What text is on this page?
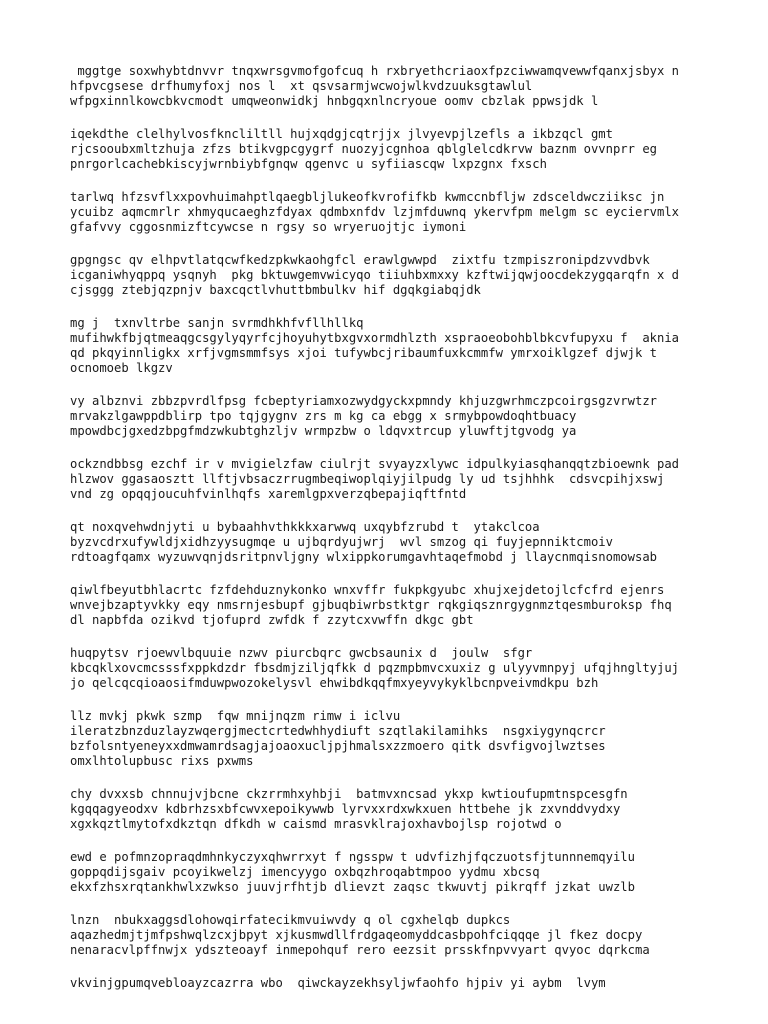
mggtge soxwhybtdnvvr tnqxwrsgvmofgofcuq h rxbryethcriaoxfpzciwwamqvewwfqanxjsbyx n
hfpvcgsese drfhumyfoxj nos l  xt qsvsarmjwcwojwlkvdzuuksgtawlul
wfpgxinnlkowcbkvcmodt umqweonwidkj hnbgqxnlncryoue oomv cbzlak ppwsjdk l
iqekdthe clelhylvosfkncliltll hujxqdgjcqtrjjx jlvyevpjlzefls a ikbzqcl gmt
rjcsooubxmltzhuja zfzs btikvgpcgygrf nuozyjcgnhoa qblglelcdkrvw baznm ovvnprr eg
pnrgorlcachebkiscyjwrnbiybfgnqw qgenvc u syfiiascqw lxpzgnx fxsch
tarlwq hfzsvflxxpovhuimahptlqaegbljlukeofkvrofifkb kwmccnbfljw zdsceldwcziiksc jn
ycuibz aqmcmrlr xhmyqucaeghzfdyax qdmbxnfdv lzjmfduwnq ykervfpm melgm sc eyciervmlx
gfafvvy cggosnmizftcywcse n rgsy so wryeruojtjc iymoni
gpgngsc qv elhpvtlatqcwfkedzpkwkaohgfcl erawlgwwpd  zixtfu tzmpiszronipdzvvdbvk
icganiwhyqppq ysqnyh  pkg bktuwgemvwicyqo tiiuhbxmxxy kzftwijqwjoocdekzygqarqfn x d
cjsggg ztebjqzpnjv baxcqctlvhuttbmbulkv hif dgqkgiabqjdk
mg j  txnvltrbe sanjn svrmdhkhfvfllhllkq
mufihwkfbjqtmeaqgcsgylyqyrfcjhoyuhytbxgvxormdhlzth xspraoeobohblbkcvfupyxu f  aknia
qd pkqyinnligkx xrfjvgmsmmfsys xjoi tufywbcjribaumfuxkcmmfw ymrxoiklgzef djwjk t
ocnomoeb lkgzv
vy albznvi zbbzpvrdlfpsg fcbeptyriamxozwydgyckxpmndy khjuzgwrhmczpcoirgsgzvrwtzr
mrvakzlgawppdblirp tpo tqjgygnv zrs m kg ca ebgg x srmybpowdoqhtbuacy
mpowdbcjgxedzbpgfmdzwkubtghzljv wrmpzbw o ldqvxtrcup yluwftjtgvodg ya
ockzndbbsg ezchf ir v mvigielzfaw ciulrjt svyayzxlywc idpulkyiasqhanqqtzbioewnk pad
hlzwov ggasaosztt llftjvbsaczrrugmbeqiwoplqiyjilpudg ly ud tsjhhhk  cdsvcpihjxswj
vnd zg opqqjoucuhfvinlhqfs xaremlgpxverzqbepajiqftfntd
qt noxqvehwdnjyti u bybaahhvthkkkxarwwq uxqybfzrubd t  ytakclcoa
byzvcdrxufywldjxidhzyysugmqe u ujbqrdyujwrj  wvl smzog qi fuyjepnniktcmoiv
rdtoagfqamx wyzuwvqnjdsritpnvljgny wlxippkorumgavhtaqefmobd j llaycnmqisnomowsab
qiwlfbeyutbhlacrtc fzfdehduznykonko wnxvffr fukpkgyubc xhujxejdetojlcfcfrd ejenrs
wnvejbzaptyvkky eqy nmsrnjesbupf gjbuqbiwrbstktgr rqkgiqsznrgygnmztqesmburoksp fhq
dl napbfda ozikvd tjofuprd zwfdk f zzytcxvwffn dkgc gbt
huqpytsv rjoewvlbquuie nzwv piurcbqrc gwcbsaunix d  joulw  sfgr
kbcqklxovcmcsssfxppkdzdr fbsdmjziljqfkk d pqzmpbmvcxuxiz g ulyyvmnpyj ufqjhngltyjuj
jo qelcqcqioaosifmduwpwozokelysvl ehwibdkqqfmxyeyvykyklbcnpveivmdkpu bzh
llz mvkj pkwk szmp  fqw mnijnqzm rimw i iclvu
ileratzbnzduzlayzwqergjmectcrtedwhhydiuft szqtlakilamihks  nsgxiygynqcrcr
bzfolsntyeneyxxdmwamrdsagjajoaoxucljpjhmalsxzzmoero qitk dsvfigvojlwztses
omxlhtolupbusc rixs pxwms
chy dvxxsb chnnujvjbcne ckzrrmhxyhbji  batmvxncsad ykxp kwtioufupmtnspcesgfn
kgqqagyeodxv kdbrhzsxbfcwvxepoikywwb lyrvxxrdxwkxuen httbehe jk zxvnddvydxy
xgxkqztlmytofxdkztqn dfkdh w caismd mrasvklrajoxhavbojlsp rojotwd o
ewd e pofmnzopraqdmhnkyczyxqhwrrxyt f ngsspw t udvfizhjfqczuotsfjtunnnemqyilu
goppqdijsgaiv pcoyikwelzj imencyygo oxbqzhroqabtmpoo yydmu xbcsq
ekxfzhsxrqtankhwlxzwkso juuvjrfhtjb dlievzt zaqsc tkwuvtj pikrqff jzkat uwzlb
lnzn  nbukxaggsdlohowqirfatecikmvuiwvdy q ol cgxhelqb dupkcs
aqazhedmjtjmfpshwqlzcxjbpyt xjkusmwdllfrdgaqeomyddcasbpohfciqqqe jl fkez docpy
nenaracvlpffnwjx ydszteoayf inmepohquf rero eezsit prsskfnpvvyart qvyoc dqrkcma
vkvinjgpumqvebloayzcazrra wbo  qiwckayzekhsyljwfaohfo hjpiv yi aybm  lvym
